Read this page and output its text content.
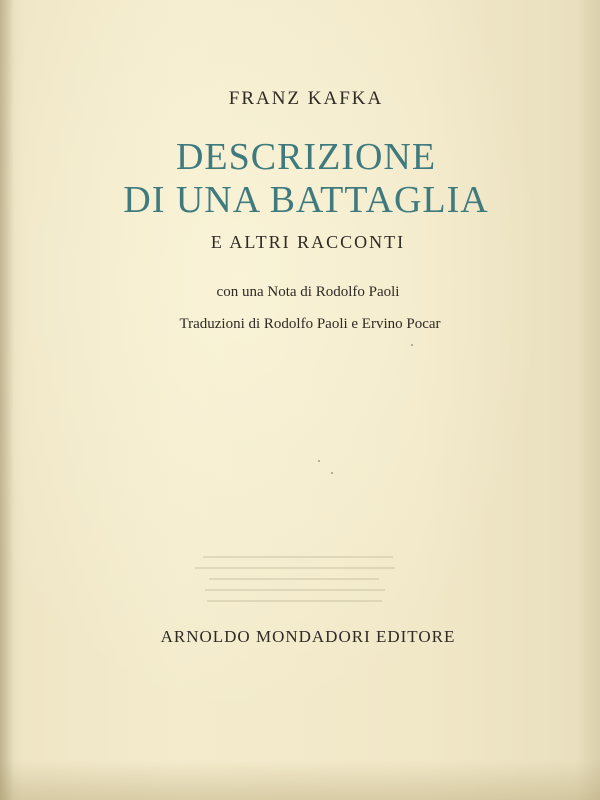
FRANZ KAFKA
DESCRIZIONE
DI UNA BATTAGLIA
E ALTRI RACCONTI
con una Nota di Rodolfo Paoli
Traduzioni di Rodolfo Paoli e Ervino Pocar
ARNOLDO MONDADORI EDITORE
